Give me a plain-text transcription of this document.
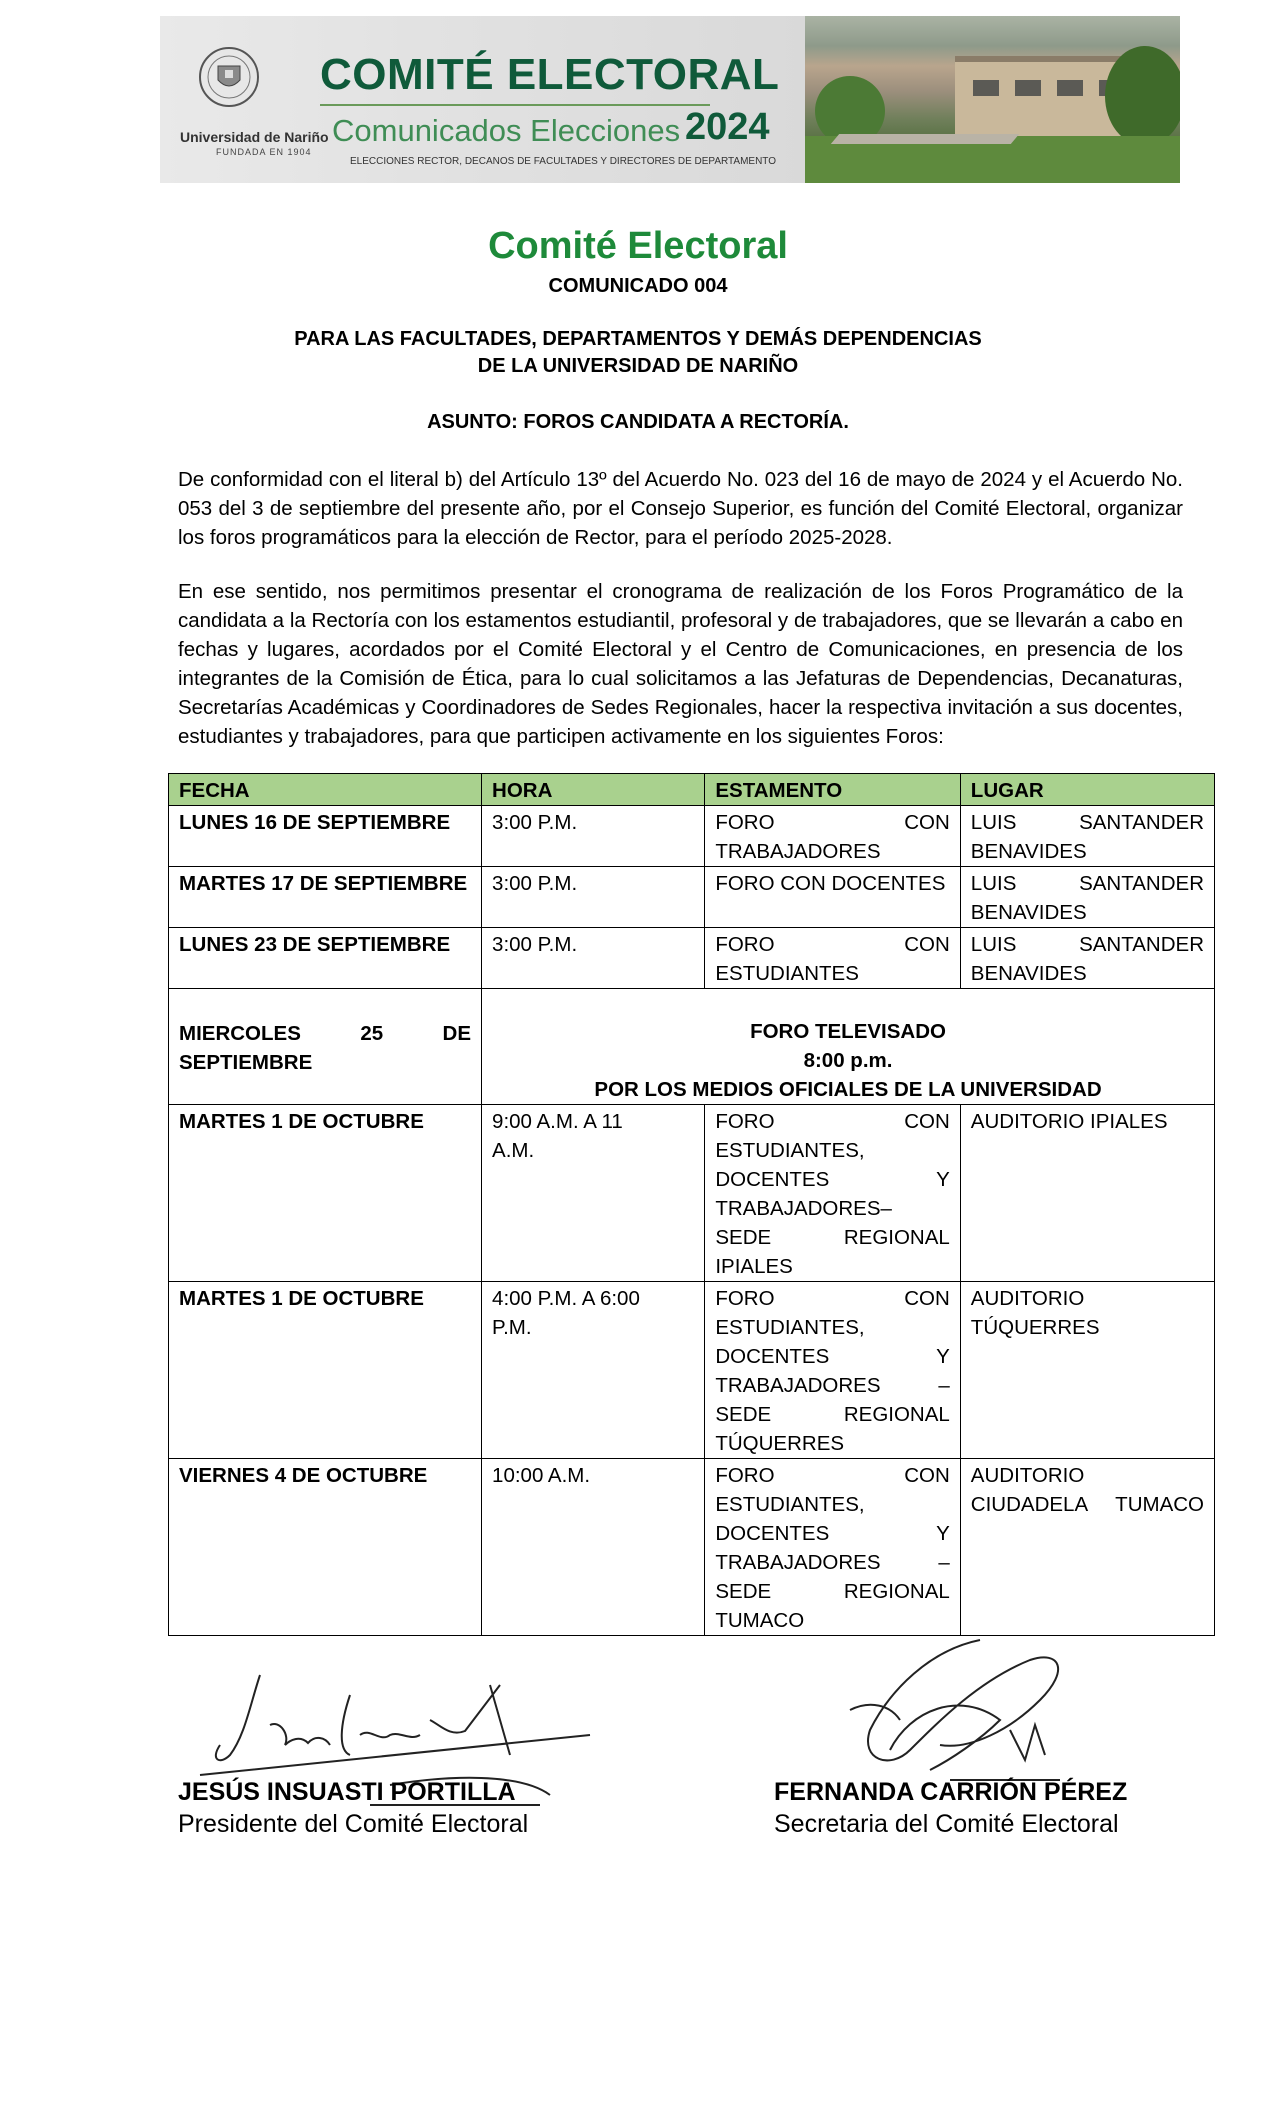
Universidad de Nariño
FUNDADA EN 1904
COMITÉ ELECTORAL
Comunicados Elecciones 2024
ELECCIONES RECTOR, DECANOS DE FACULTADES Y DIRECTORES DE DEPARTAMENTO
Comité Electoral
COMUNICADO 004
PARA LAS FACULTADES, DEPARTAMENTOS Y DEMÁS DEPENDENCIAS
DE LA UNIVERSIDAD DE NARIÑO
ASUNTO: FOROS CANDIDATA A RECTORÍA.
De conformidad con el literal b) del Artículo 13º del Acuerdo No. 023 del 16 de mayo de 2024 y el Acuerdo No. 053 del 3 de septiembre del presente año, por el Consejo Superior, es función del Comité Electoral, organizar los foros programáticos para la elección de Rector, para el período 2025-2028.
En ese sentido, nos permitimos presentar el cronograma de realización de los Foros Programático de la candidata a la Rectoría con los estamentos estudiantil, profesoral y de trabajadores, que se llevarán a cabo en fechas y lugares, acordados por el Comité Electoral y el Centro de Comunicaciones, en presencia de los integrantes de la Comisión de Ética, para lo cual solicitamos a las Jefaturas de Dependencias, Decanaturas, Secretarías Académicas y Coordinadores de Sedes Regionales, hacer la respectiva invitación a sus docentes, estudiantes y trabajadores, para que participen activamente en los siguientes Foros:
FECHA	HORA	ESTAMENTO	LUGAR
LUNES 16 DE SEPTIEMBRE	3:00 P.M.	FORO CON TRABAJADORES	LUIS SANTANDER BENAVIDES
MARTES 17 DE SEPTIEMBRE	3:00 P.M.	FORO CON DOCENTES	LUIS SANTANDER BENAVIDES
LUNES 23 DE SEPTIEMBRE	3:00 P.M.	FORO CON ESTUDIANTES	LUIS SANTANDER BENAVIDES
MIERCOLES 25 DE SEPTIEMBRE	FORO TELEVISADO
8:00 p.m.
POR LOS MEDIOS OFICIALES DE LA UNIVERSIDAD		

MARTES 1 DE OCTUBRE	9:00 A.M. A 11 A.M.	FORO CON ESTUDIANTES, DOCENTES Y TRABAJADORES– SEDE REGIONAL IPIALES	AUDITORIO IPIALES
MARTES 1 DE OCTUBRE	4:00 P.M. A 6:00 P.M.	FORO CON ESTUDIANTES, DOCENTES Y TRABAJADORES – SEDE REGIONAL TÚQUERRES	AUDITORIO TÚQUERRES
VIERNES 4 DE OCTUBRE	10:00 A.M.	FORO CON ESTUDIANTES, DOCENTES Y TRABAJADORES – SEDE REGIONAL TUMACO	AUDITORIO CIUDADELA TUMACO
JESÚS INSUASTI PORTILLA
Presidente del Comité Electoral
FERNANDA CARRIÓN PÉREZ
Secretaria del Comité Electoral
